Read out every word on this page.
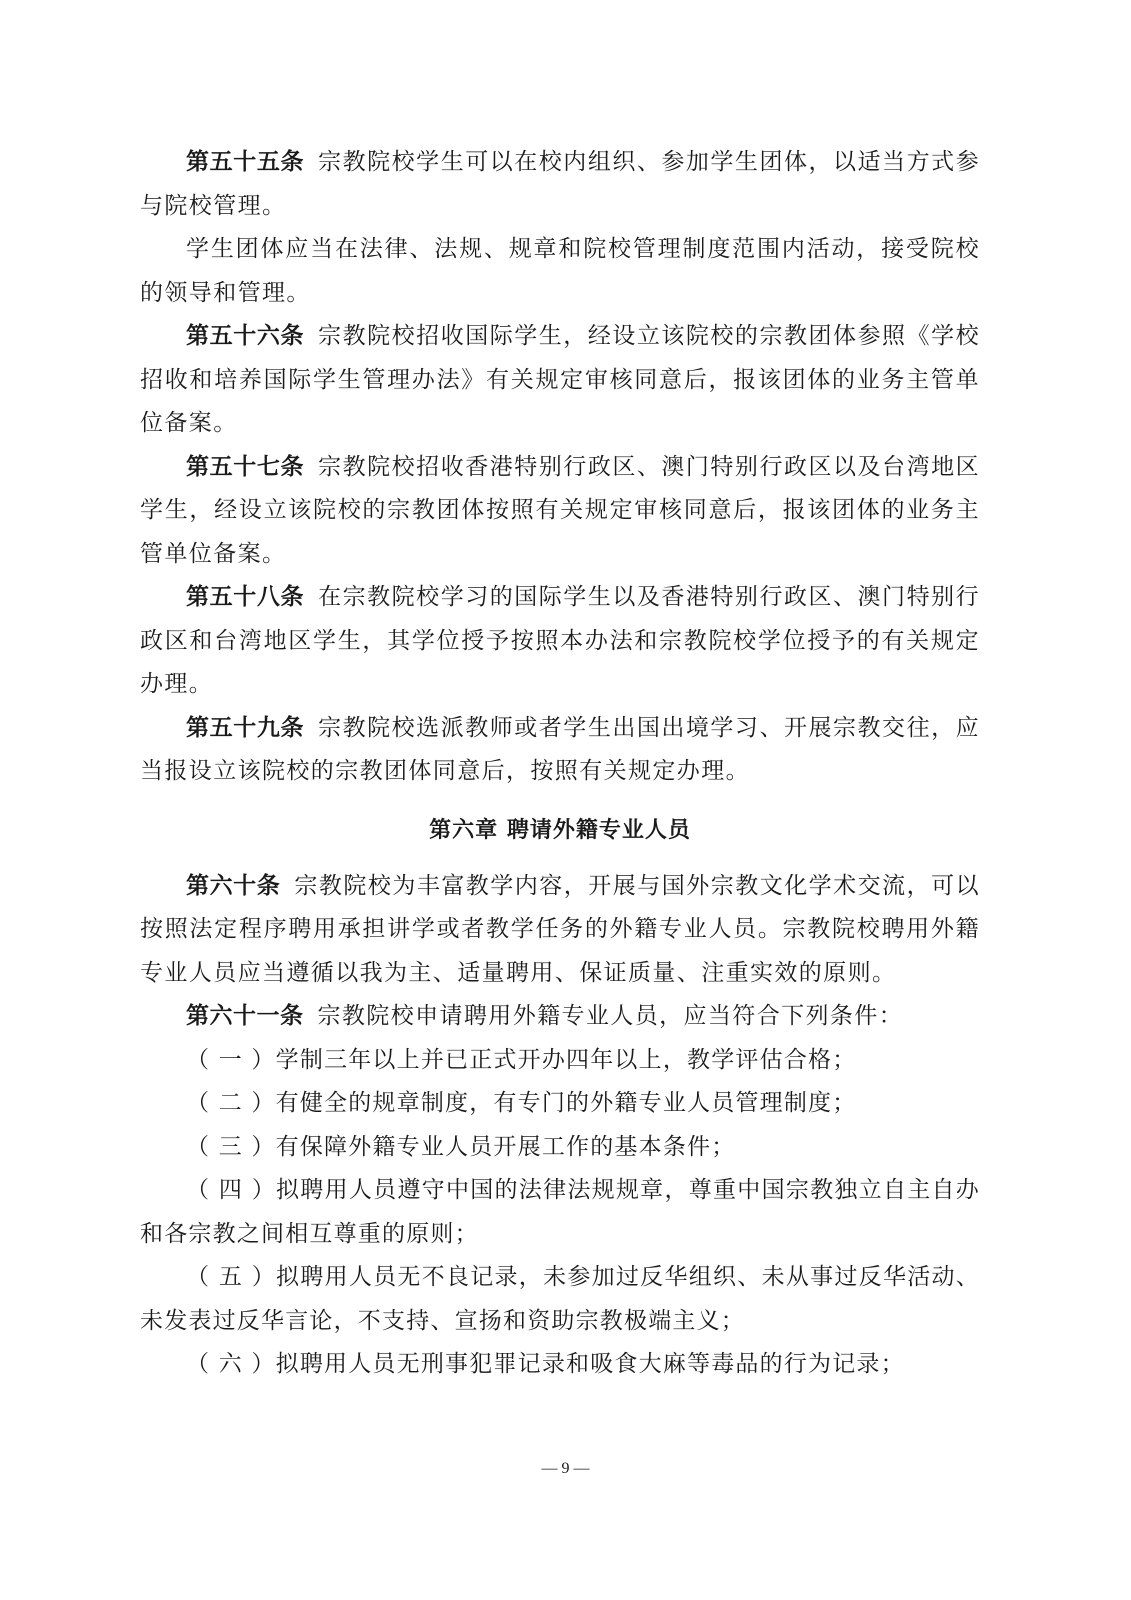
第五十五条 宗教院校学生可以在校内组织、参加学生团体，以适当方式参与院校管理。

学生团体应当在法律、法规、规章和院校管理制度范围内活动，接受院校的领导和管理。

第五十六条 宗教院校招收国际学生，经设立该院校的宗教团体参照《学校招收和培养国际学生管理办法》有关规定审核同意后，报该团体的业务主管单位备案。

第五十七条 宗教院校招收香港特别行政区、澳门特别行政区以及台湾地区学生，经设立该院校的宗教团体按照有关规定审核同意后，报该团体的业务主管单位备案。

第五十八条 在宗教院校学习的国际学生以及香港特别行政区、澳门特别行政区和台湾地区学生，其学位授予按照本办法和宗教院校学位授予的有关规定办理。

第五十九条 宗教院校选派教师或者学生出国出境学习、开展宗教交往，应当报设立该院校的宗教团体同意后，按照有关规定办理。

第六章 聘请外籍专业人员

第六十条 宗教院校为丰富教学内容，开展与国外宗教文化学术交流，可以按照法定程序聘用承担讲学或者教学任务的外籍专业人员。宗教院校聘用外籍专业人员应当遵循以我为主、适量聘用、保证质量、注重实效的原则。

第六十一条 宗教院校申请聘用外籍专业人员，应当符合下列条件：

（ 一 ）学制三年以上并已正式开办四年以上，教学评估合格；

（ 二 ）有健全的规章制度，有专门的外籍专业人员管理制度；

（ 三 ）有保障外籍专业人员开展工作的基本条件；

（ 四 ）拟聘用人员遵守中国的法律法规规章，尊重中国宗教独立自主自办和各宗教之间相互尊重的原则；

（ 五 ）拟聘用人员无不良记录，未参加过反华组织、未从事过反华活动、未发表过反华言论，不支持、宣扬和资助宗教极端主义；

（ 六 ）拟聘用人员无刑事犯罪记录和吸食大麻等毒品的行为记录；

— 9 —
